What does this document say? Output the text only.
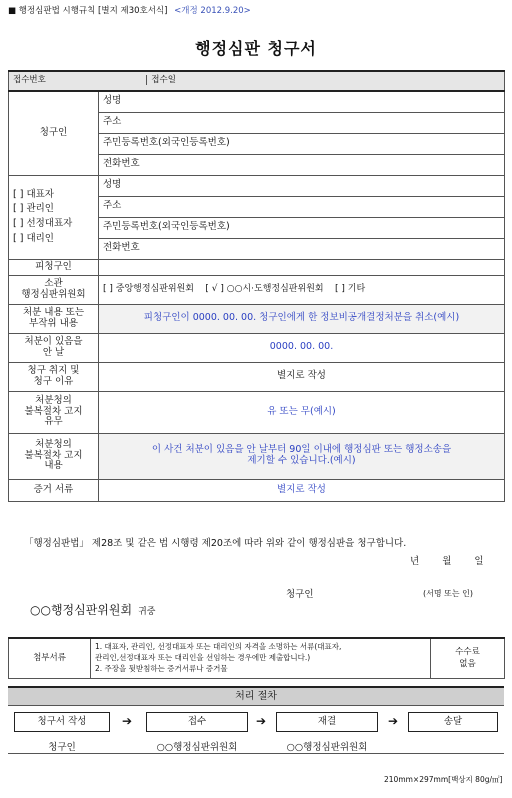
■ 행정심판법 시행규칙 [별지 제30호서식] <개정 2012.9.20>
행정심판 청구서
접수번호 접수일	
청구인	성명
	주소
	주민등록번호(외국인등록번호)
	전화번호

[ ] 대표자
[ ] 관리인
[ ] 선정대표자
[ ] 대리인	성명
	주소
	주민등록번호(외국인등록번호)
	전화번호
피청구인	
소관
행정심판위원회	[ ] 중앙행정심판위원회    [ √ ] ○○시·도행정심판위원회    [ ] 기타
처분 내용 또는
부작위 내용	피청구인이 0000. 00. 00. 청구인에게 한 정보비공개결정처분을 취소(예시)
처분이 있음을
안 날	0000. 00. 00.
청구 취지 및
청구 이유	별지로 작성
처분청의
불복절차 고지
유무	유 또는 무(예시)
처분청의
불복절차 고지
내용	이 사건 처분이 있음을 안 날부터 90일 이내에 행정심판 또는 행정소송을
제기할 수 있습니다.(예시)
증거 서류	별지로 작성
「행정심판법」 제28조 및 같은 법 시행령 제20조에 따라 위와 같이 행정심판을 청구합니다.
년 월 일
청구인	(서명 또는 인)
○○행정심판위원회 귀중
첨부서류	1. 대표자, 관리인, 선정대표자 또는 대리인의 자격을 소명하는 서류(대표자,
관리인,선정대표자 또는 대리인을 선임하는 경우에만 제출합니다.)
2. 주장을 뒷받침하는 증거서류나 증거물	수수료
없음
처리 절차
청구서 작성	➔	접수	➔	재결	➔	송달
청구인	○○행정심판위원회	○○행정심판위원회
210mm×297mm[백상지 80g/㎡]
